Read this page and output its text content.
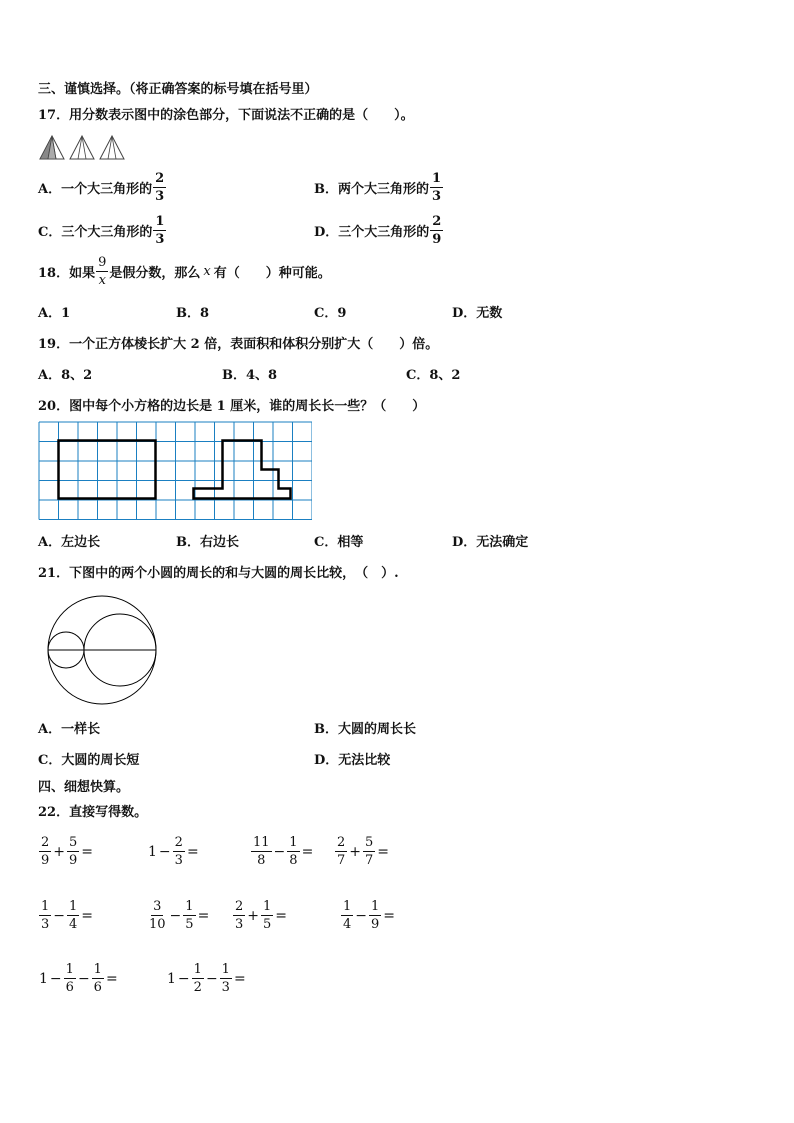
三、谨慎选择。（将正确答案的标号填在括号里）
17．用分数表示图中的涂色部分，下面说法不正确的是（　　）。
A．一个大三角形的 $\frac{2}{3}$	B．两个大三角形的 $\frac{1}{3}$
C．三个大三角形的 $\frac{1}{3}$	D．三个大三角形的 $\frac{2}{9}$
18．如果 $\frac{9}{x}$ 是假分数，那么 x 有（　　）种可能。
A．1	B．8	C．9	D．无数
19．一个正方体棱长扩大 2 倍，表面积和体积分别扩大（　　）倍。
A．8、2	B．4、8	C．8、2
20．图中每个小方格的边长是 1 厘米，谁的周长长一些？（　　）
A．左边长	B．右边长	C．相等	D．无法确定
21．下图中的两个小圆的周长的和与大圆的周长比较，　（　）.
A．一样长	B．大圆的周长长
C．大圆的周长短	D．无法比较
四、细想快算。
22．直接写得数。
$\frac{2}{9} + \frac{5}{9}$ =	$1 - \frac{2}{3}$ =	$\frac{11}{8} - \frac{1}{8} = \frac{2}{7} + \frac{5}{7}$ =
$\frac{1}{3} - \frac{1}{4}$ =	$\frac{3}{10} - \frac{1}{5} = \frac{2}{3} + \frac{1}{5}$ =	$\frac{1}{4} - \frac{1}{9}$ =
$1 - \frac{1}{6} - \frac{1}{6}$ =	$1 - \frac{1}{2} - \frac{1}{3}$ =
